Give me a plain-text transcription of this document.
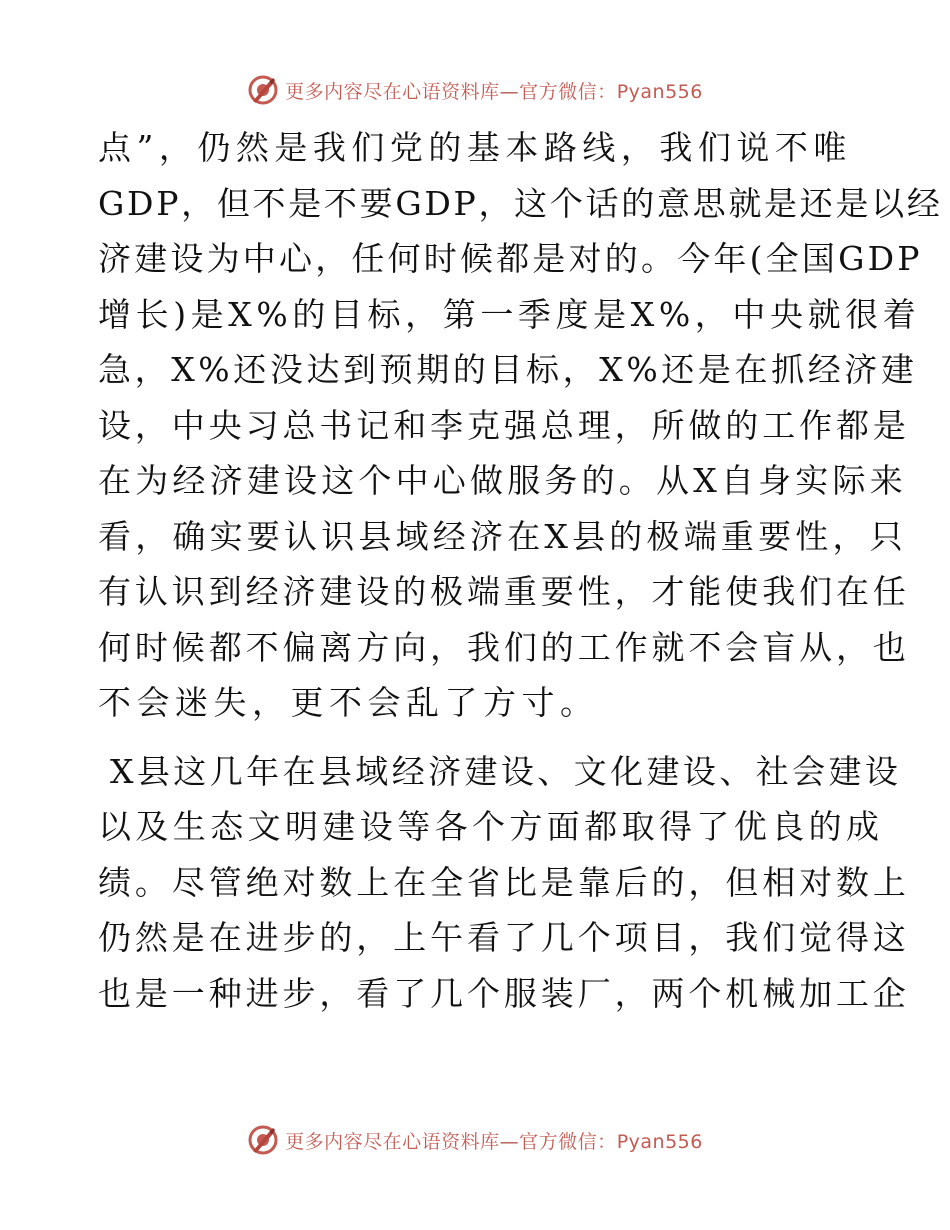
更多内容尽在心语资料库—官方微信：Pyan556
点”，仍然是我们党的基本路线，我们说不唯
GDP，但不是不要GDP，这个话的意思就是还是以经
济建设为中心，任何时候都是对的。今年(全国GDP
增长)是X%的目标，第一季度是X%，中央就很着
急，X%还没达到预期的目标，X%还是在抓经济建
设，中央习总书记和李克强总理，所做的工作都是
在为经济建设这个中心做服务的。从X自身实际来
看，确实要认识县域经济在X县的极端重要性，只
有认识到经济建设的极端重要性，才能使我们在任
何时候都不偏离方向，我们的工作就不会盲从，也
不会迷失，更不会乱了方寸。
X县这几年在县域经济建设、文化建设、社会建设
以及生态文明建设等各个方面都取得了优良的成
绩。尽管绝对数上在全省比是靠后的，但相对数上
仍然是在进步的，上午看了几个项目，我们觉得这
也是一种进步，看了几个服装厂，两个机械加工企
更多内容尽在心语资料库—官方微信：Pyan556
